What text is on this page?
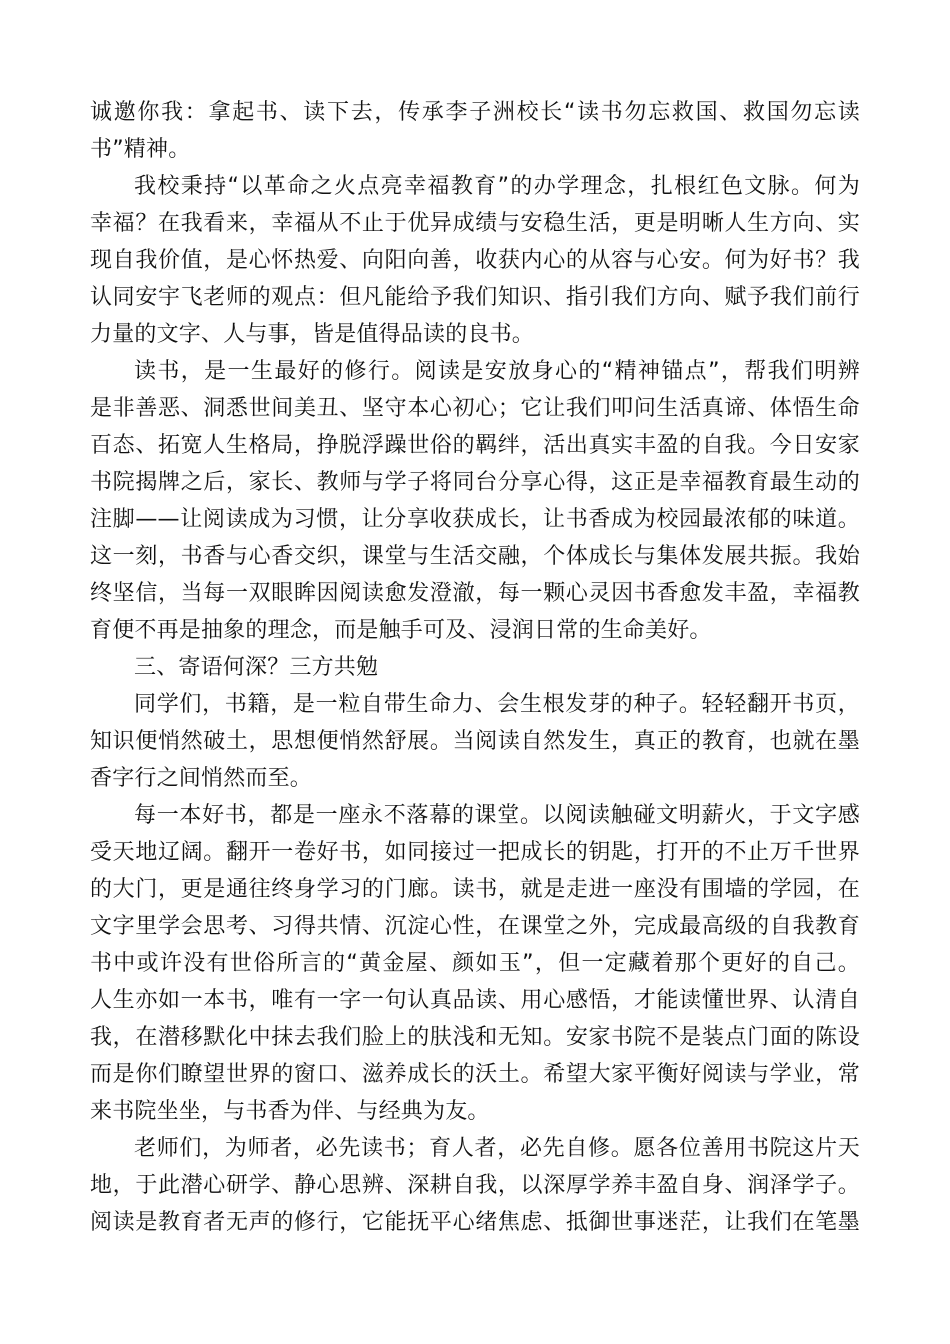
诚邀你我：拿起书、读下去，传承李子洲校长“读书勿忘救国、救国勿忘读
书”精神。
我校秉持“以革命之火点亮幸福教育”的办学理念，扎根红色文脉。何为
幸福？在我看来，幸福从不止于优异成绩与安稳生活，更是明晰人生方向、实
现自我价值，是心怀热爱、向阳向善，收获内心的从容与心安。何为好书？我
认同安宇飞老师的观点：但凡能给予我们知识、指引我们方向、赋予我们前行
力量的文字、人与事，皆是值得品读的良书。
读书，是一生最好的修行。阅读是安放身心的“精神锚点”，帮我们明辨
是非善恶、洞悉世间美丑、坚守本心初心；它让我们叩问生活真谛、体悟生命
百态、拓宽人生格局，挣脱浮躁世俗的羁绊，活出真实丰盈的自我。今日安家
书院揭牌之后，家长、教师与学子将同台分享心得，这正是幸福教育最生动的
注脚——让阅读成为习惯，让分享收获成长，让书香成为校园最浓郁的味道。
这一刻，书香与心香交织，课堂与生活交融，个体成长与集体发展共振。我始
终坚信，当每一双眼眸因阅读愈发澄澈，每一颗心灵因书香愈发丰盈，幸福教
育便不再是抽象的理念，而是触手可及、浸润日常的生命美好。
三、寄语何深？三方共勉
同学们，书籍，是一粒自带生命力、会生根发芽的种子。轻轻翻开书页，
知识便悄然破土，思想便悄然舒展。当阅读自然发生，真正的教育，也就在墨
香字行之间悄然而至。
每一本好书，都是一座永不落幕的课堂。以阅读触碰文明薪火，于文字感
受天地辽阔。翻开一卷好书，如同接过一把成长的钥匙，打开的不止万千世界
的大门，更是通往终身学习的门廊。读书，就是走进一座没有围墙的学园，在
文字里学会思考、习得共情、沉淀心性，在课堂之外，完成最高级的自我教育
书中或许没有世俗所言的“黄金屋、颜如玉”，但一定藏着那个更好的自己。
人生亦如一本书，唯有一字一句认真品读、用心感悟，才能读懂世界、认清自
我，在潜移默化中抹去我们脸上的肤浅和无知。安家书院不是装点门面的陈设
而是你们瞭望世界的窗口、滋养成长的沃土。希望大家平衡好阅读与学业，常
来书院坐坐，与书香为伴、与经典为友。
老师们，为师者，必先读书；育人者，必先自修。愿各位善用书院这片天
地，于此潜心研学、静心思辨、深耕自我，以深厚学养丰盈自身、润泽学子。
阅读是教育者无声的修行，它能抚平心绪焦虑、抵御世事迷茫，让我们在笔墨
